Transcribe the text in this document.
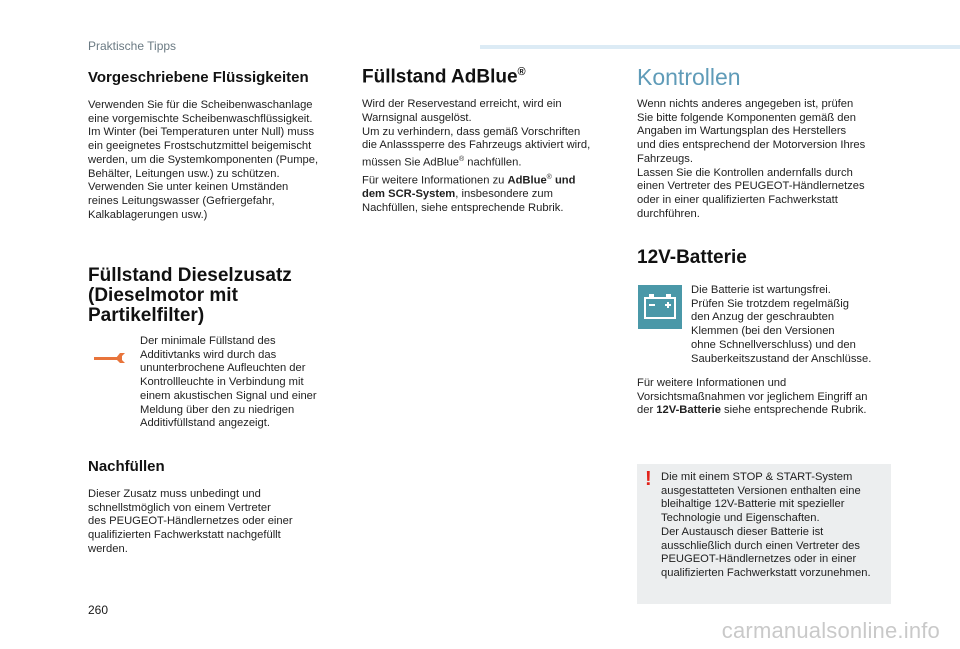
Praktische Tipps
Vorgeschriebene Flüssigkeiten
Verwenden Sie für die Scheibenwaschanlage
eine vorgemischte Scheibenwaschflüssigkeit.
Im Winter (bei Temperaturen unter Null) muss
ein geeignetes Frostschutzmittel beigemischt
werden, um die Systemkomponenten (Pumpe,
Behälter, Leitungen usw.) zu schützen.
Verwenden Sie unter keinen Umständen
reines Leitungswasser (Gefriergefahr,
Kalkablagerungen usw.)
Füllstand Dieselzusatz
(Dieselmotor mit
Partikelfilter)
Der minimale Füllstand des
Additivtanks wird durch das
ununterbrochene Aufleuchten der
Kontrollleuchte in Verbindung mit
einem akustischen Signal und einer
Meldung über den zu niedrigen
Additivfüllstand angezeigt.
Nachfüllen
Dieser Zusatz muss unbedingt und
schnellstmöglich von einem Vertreter
des PEUGEOT-Händlernetzes oder einer
qualifizierten Fachwerkstatt nachgefüllt
werden.
Füllstand AdBlue®
Wird der Reservestand erreicht, wird ein
Warnsignal ausgelöst.
Um zu verhindern, dass gemäß Vorschriften
die Anlasssperre des Fahrzeugs aktiviert wird,
müssen Sie AdBlue® nachfüllen.
Für weitere Informationen zu AdBlue® und
dem SCR-System, insbesondere zum
Nachfüllen, siehe entsprechende Rubrik.
Kontrollen
Wenn nichts anderes angegeben ist, prüfen
Sie bitte folgende Komponenten gemäß den
Angaben im Wartungsplan des Herstellers
und dies entsprechend der Motorversion Ihres
Fahrzeugs.
Lassen Sie die Kontrollen andernfalls durch
einen Vertreter des PEUGEOT-Händlernetzes
oder in einer qualifizierten Fachwerkstatt
durchführen.
12V-Batterie
Die Batterie ist wartungsfrei.
Prüfen Sie trotzdem regelmäßig
den Anzug der geschraubten
Klemmen (bei den Versionen
ohne Schnellverschluss) und den
Sauberkeitszustand der Anschlüsse.
Für weitere Informationen und
Vorsichtsmaßnahmen vor jeglichem Eingriff an
der 12V-Batterie siehe entsprechende Rubrik.
! Die mit einem STOP & START-System
ausgestatteten Versionen enthalten eine
bleihaltige 12V-Batterie mit spezieller
Technologie und Eigenschaften.
Der Austausch dieser Batterie ist
ausschließlich durch einen Vertreter des
PEUGEOT-Händlernetzes oder in einer
qualifizierten Fachwerkstatt vorzunehmen.
260
carmanualsonline.info
